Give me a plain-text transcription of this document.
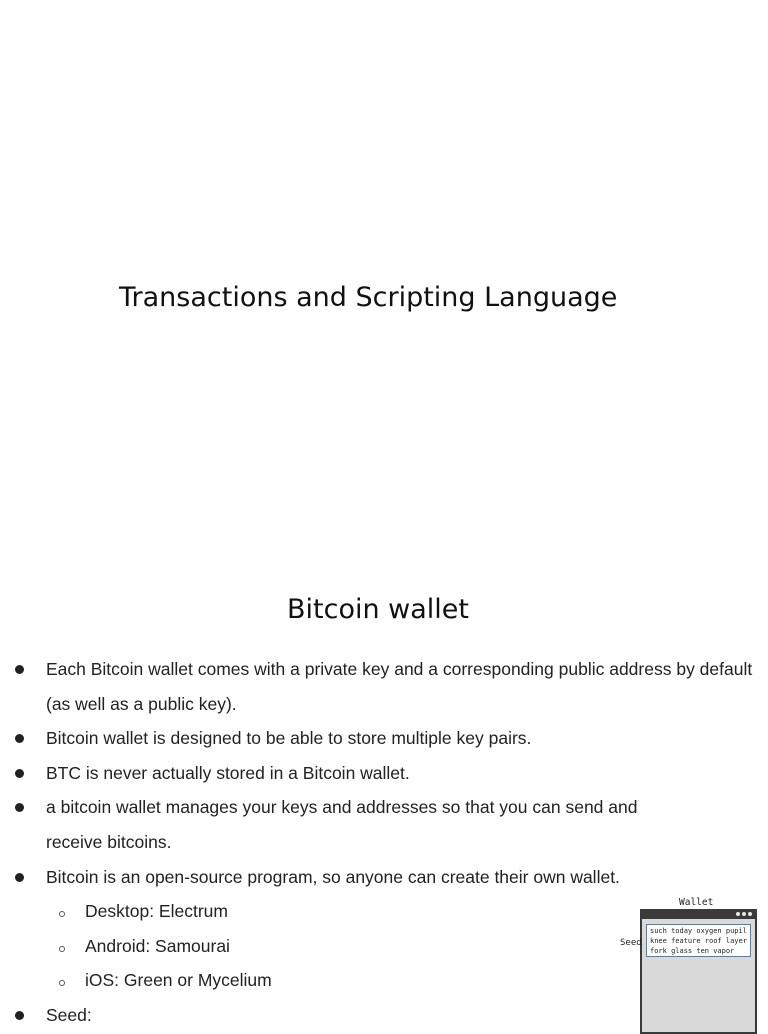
Transactions and Scripting Language
Bitcoin wallet
Each Bitcoin wallet comes with a private key and a corresponding public address by default (as well as a public key).
Bitcoin wallet is designed to be able to store multiple key pairs.
BTC is never actually stored in a Bitcoin wallet.
a bitcoin wallet manages your keys and addresses so that you can send and receive bitcoins.
Bitcoin is an open-source program, so anyone can create their own wallet.
Desktop: Electrum
Android: Samourai
iOS: Green or Mycelium
Seed:
Wallet
such today oxygen pupil
knee feature roof layer
fork glass ten vapor
Seed
